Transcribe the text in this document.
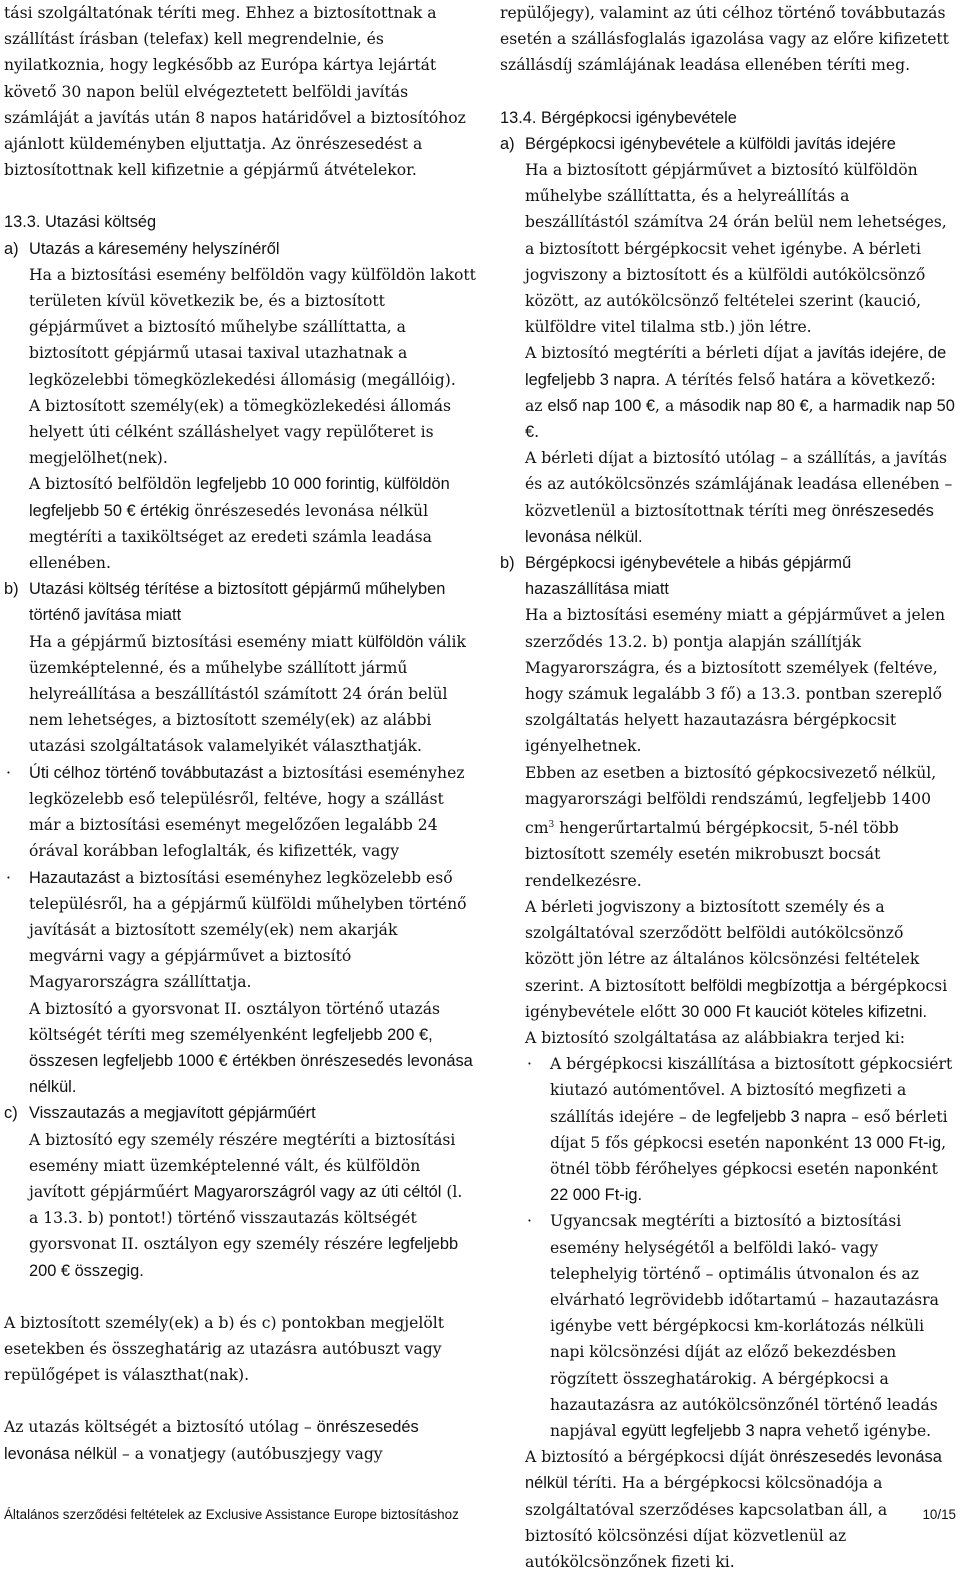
tási szolgáltatónak téríti meg. Ehhez a biztosítottnak a szállítást írásban (telefax) kell megrendelnie, és nyilatkoznia, hogy legkésőbb az Európa kártya lejártát követő 30 napon belül elvégeztetett belföldi javítás számláját a javítás után 8 napos határidővel a biztosítóhoz ajánlott küldeményben eljuttatja. Az önrészesedést a biztosítottnak kell kifizetnie a gépjármű átvételekor.

13.3. Utazási költség
a) Utazás a káresemény helyszínéről

Ha a biztosítási esemény belföldön vagy külföldön lakott területen kívül következik be, és a biztosított gépjárművet a biztosító műhelybe szállíttatta, a biztosított gépjármű utasai taxival utazhatnak a legközelebbi tömegközlekedési állomásig (megállóig).

A biztosított személy(ek) a tömegközlekedési állomás helyett úti célként szálláshelyet vagy repülőteret is megjelölhet(nek).

A biztosító belföldön legfeljebb 10 000 forintig, külföldön legfeljebb 50 € értékig önrészesedés levonása nélkül megtéríti a taxiköltséget az eredeti számla leadása ellenében.

b) Utazási költség térítése a biztosított gépjármű műhelyben történő javítása miatt

Ha a gépjármű biztosítási esemény miatt külföldön válik üzemképtelenné, és a műhelybe szállított jármű helyreállítása a beszállítástól számított 24 órán belül nem lehetséges, a biztosított személy(ek) az alábbi utazási szolgáltatások valamelyikét választhatják.

· Úti célhoz történő továbbutazást a biztosítási eseményhez legközelebb eső településről, feltéve, hogy a szállást már a biztosítási eseményt megelőzően legalább 24 órával korábban lefoglalták, és kifizették, vagy

· Hazautazást a biztosítási eseményhez legközelebb eső településről, ha a gépjármű külföldi műhelyben történő javítását a biztosított személy(ek) nem akarják megvárni vagy a gépjárművet a biztosító Magyarországra szállíttatja.

A biztosító a gyorsvonat II. osztályon történő utazás költségét téríti meg személyenként legfeljebb 200 €, összesen legfeljebb 1000 € értékben önrészesedés levonása nélkül.

c) Visszautazás a megjavított gépjárműért

A biztosító egy személy részére megtéríti a biztosítási esemény miatt üzemképtelenné vált, és külföldön javított gépjárműért Magyarországról vagy az úti céltól (l. a 13.3. b) pontot!) történő visszautazás költségét gyorsvonat II. osztályon egy személy részére legfeljebb 200 € összegig.

A biztosított személy(ek) a b) és c) pontokban megjelölt esetekben és összeghatárig az utazásra autóbuszt vagy repülőgépet is választhat(nak).

Az utazás költségét a biztosító utólag – önrészesedés levonása nélkül – a vonatjegy (autóbuszjegy vagy

repülőjegy), valamint az úti célhoz történő továbbutazás esetén a szállásfoglalás igazolása vagy az előre kifizetett szállásdíj számlájának leadása ellenében téríti meg.

13.4. Bérgépkocsi igénybevétele
a) Bérgépkocsi igénybevétele a külföldi javítás idejére

Ha a biztosított gépjárművet a biztosító külföldön műhelybe szállíttatta, és a helyreállítás a beszállítástól számítva 24 órán belül nem lehetséges, a biztosított bérgépkocsit vehet igénybe. A bérleti jogviszony a biztosított és a külföldi autókölcsönző között, az autókölcsönző feltételei szerint (kaució, külföldre vitel tilalma stb.) jön létre.

A biztosító megtéríti a bérleti díjat a javítás idejére, de legfeljebb 3 napra. A térítés felső határa a következő: az első nap 100 €, a második nap 80 €, a harmadik nap 50 €.

A bérleti díjat a biztosító utólag – a szállítás, a javítás és az autókölcsönzés számlájának leadása ellenében – közvetlenül a biztosítottnak téríti meg önrészesedés levonása nélkül.

b) Bérgépkocsi igénybevétele a hibás gépjármű hazaszállítása miatt

Ha a biztosítási esemény miatt a gépjárművet a jelen szerződés 13.2. b) pontja alapján szállítják Magyarországra, és a biztosított személyek (feltéve, hogy számuk legalább 3 fő) a 13.3. pontban szereplő szolgáltatás helyett hazautazásra bérgépkocsit igényelhetnek.

Ebben az esetben a biztosító gépkocsivezető nélkül, magyarországi belföldi rendszámú, legfeljebb 1400 $cm^3$ hengerűrtartalmú bérgépkocsit, 5-nél több biztosított személy esetén mikrobuszt bocsát rendelkezésre.

A bérleti jogviszony a biztosított személy és a szolgáltatóval szerződött belföldi autókölcsönző között jön létre az általános kölcsönzési feltételek szerint. A biztosított belföldi megbízottja a bérgépkocsi igénybevétele előtt 30 000 Ft kauciót köteles kifizetni.

A biztosító szolgáltatása az alábbiakra terjed ki:

· A bérgépkocsi kiszállítása a biztosított gépkocsiért kiutazó autómentővel. A biztosító megfizeti a szállítás idejére – de legfeljebb 3 napra – eső bérleti díjat 5 fős gépkocsi esetén naponként 13 000 Ft-ig, ötnél több férőhelyes gépkocsi esetén naponként 22 000 Ft-ig.

· Ugyancsak megtéríti a biztosító a biztosítási esemény helységétől a belföldi lakó- vagy telephelyig történő – optimális útvonalon és az elvárható legrövidebb időtartamú – hazautazásra igénybe vett bérgépkocsi km-korlátozás nélküli napi kölcsönzési díját az előző bekezdésben rögzített összeghatárokig. A bérgépkocsi a hazautazásra az autókölcsönzőnél történő leadás napjával együtt legfeljebb 3 napra vehető igénybe.

A biztosító a bérgépkocsi díját önrészesedés levonása nélkül téríti. Ha a bérgépkocsi kölcsönadója a szolgáltatóval szerződéses kapcsolatban áll, a biztosító kölcsönzési díjat közvetlenül az autókölcsönzőnek fizeti ki.

Általános szerződési feltételek az Exclusive Assistance Europe biztosításhoz	10/15
